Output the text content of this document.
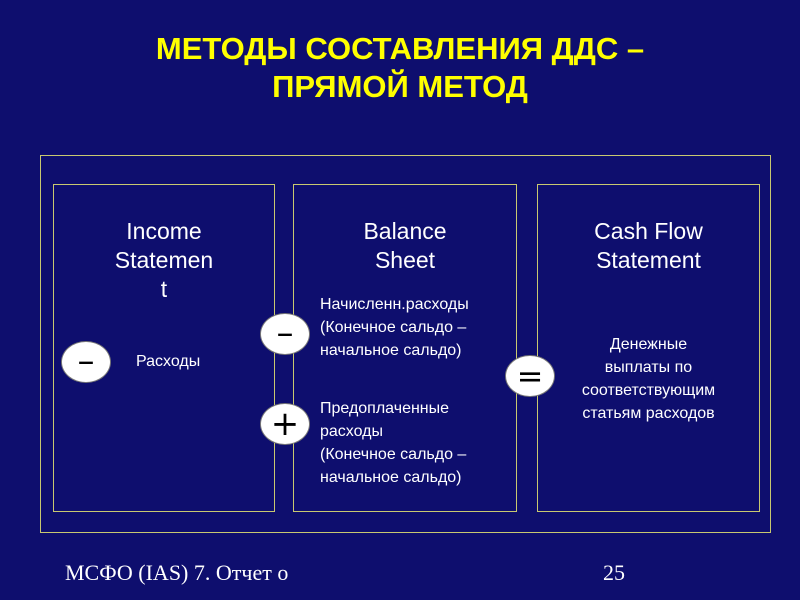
МЕТОДЫ СОСТАВЛЕНИЯ ДДС –
ПРЯМОЙ МЕТОД
Income
Statemen
t
Расходы
Balance
Sheet
Начисленн.расходы
(Конечное сальдо –
начальное сальдо)
Предоплаченные
расходы
(Конечное сальдо –
начальное сальдо)
Cash Flow
Statement
Денежные
выплаты по
соответствующим
статьям расходов
–
–
+
=
МСФО (IAS) 7. Отчет о	25
